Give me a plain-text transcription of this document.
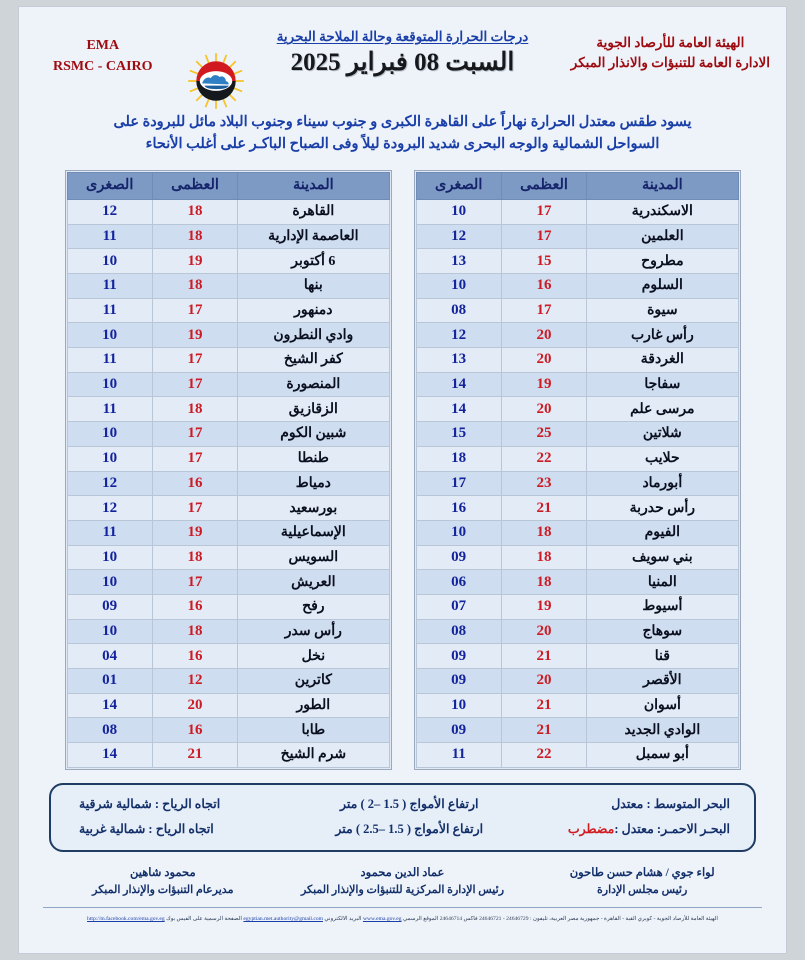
الهيئة العامة للأرصاد الجوية
الادارة العامة للتنبؤات والانذار المبكر
درجات الحرارة المتوقعة وحالة الملاحة البحرية
السبت 08 فبراير 2025
EMA
RSMC - CAIRO
يسود طقس معتدل الحرارة نهاراً على القاهرة الكبرى و جنوب سيناء وجنوب البلاد مائل للبرودة على
السواحل الشمالية والوجه البحرى شديد البرودة ليلاً وفى الصباح الباكـر على أغلب الأنحاء
المدينة	العظمى	الصغرى
القاهرة	18	12
العاصمة الإدارية	18	11
6 أكتوبر	19	10
بنها	18	11
دمنهور	17	11
وادي النطرون	19	10
كفر الشيخ	17	11
المنصورة	17	10
الزقازيق	18	11
شبين الكوم	17	10
طنطا	17	10
دمياط	16	12
بورسعيد	17	12
الإسماعيلية	19	11
السويس	18	10
العريش	17	10
رفح	16	09
رأس سدر	18	10
نخل	16	04
كاترين	12	01
الطور	20	14
طابا	16	08
شرم الشيخ	21	14
المدينة	العظمى	الصغرى
الاسكندرية	17	10
العلمين	17	12
مطروح	15	13
السلوم	16	10
سيوة	17	08
رأس غارب	20	12
الغردقة	20	13
سفاجا	19	14
مرسى علم	20	14
شلاتين	25	15
حلايب	22	18
أبورماد	23	17
رأس حدربة	21	16
الفيوم	18	10
بني سويف	18	09
المنيا	18	06
أسيوط	19	07
سوهاج	20	08
قنا	21	09
الأقصر	20	09
أسوان	21	10
الوادي الجديد	21	09
أبو سمبل	22	11
البحر المتوسط : معتدل
ارتفاع الأمواج ( 1.5 –2 ) متر
اتجاه الرياح : شمالية شرقية
البحـر الاحمـر: معتدل :مضطرب
ارتفاع الأمواج ( 1.5 –2.5 ) متر
اتجاه الرياح : شمالية غربية
لواء جوي / هشام حسن طاحون
رئيس مجلس الإدارة
عماد الدين محمود
رئيس الإدارة المركزية للتنبؤات والإنذار المبكر
محمود شاهين
مديرعام التنبؤات والإنذار المبكر
الهيئة العامة للأرصاد الجوية - كوبري القبة - القاهرة - جمهورية مصر العربية، تليفون : 24646729 - 24646721 فاكس 24646714 الموقع الرسمي www.ema.gov.eg البريد الالكتروني egyptian.met.authority@gmail.com الصفحة الرسمية على الفيس بوك http://m.facebook.com/ema.gov.eg
